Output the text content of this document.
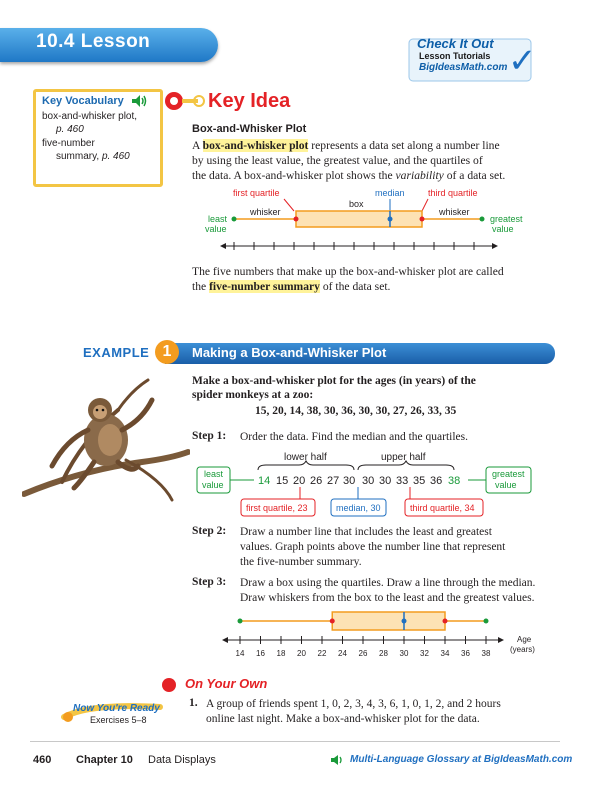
10.4 Lesson	Check It Out
Lesson Tutorials
BigIdeasMath.com ✓
Key Vocabulary
box-and-whisker plot,
p. 460
five-number
summary, p. 460
Key Idea
Box-and-Whisker Plot
A box-and-whisker plot represents a data set along a number line
by using the least value, the greatest value, and the quartiles of
the data. A box-and-whisker plot shows the variability of a data set.
first quartile	median	third quartile
box
whisker	whisker
least
value
greatest
value
The five numbers that make up the box-and-whisker plot are called
the five-number summary of the data set.
EXAMPLE 1	Making a Box-and-Whisker Plot
Make a box-and-whisker plot for the ages (in years) of the
spider monkeys at a zoo:
15, 20, 14, 38, 30, 36, 30, 30, 27, 26, 33, 35
Step 1: Order the data. Find the median and the quartiles.
lower half	upper half
least
value
greatest
value
14 15 20 26 27 30 30 30 33 35 36 38
first quartile, 23	median, 30	third quartile, 34
Step 2: Draw a number line that includes the least and greatest
values. Graph points above the number line that represent
the five-number summary.
Step 3: Draw a box using the quartiles. Draw a line through the median.
Draw whiskers from the box to the least and the greatest values.
14 16 18 20 22 24 26 28 30 32 34 36 38
Age
(years)
On Your Own
Now You're Ready
Exercises 5–8
1. A group of friends spent 1, 0, 2, 3, 4, 3, 6, 1, 0, 1, 2, and 2 hours
online last night. Make a box-and-whisker plot for the data.
460 Chapter 10 Data Displays	Multi-Language Glossary at BigIdeasMath.com
